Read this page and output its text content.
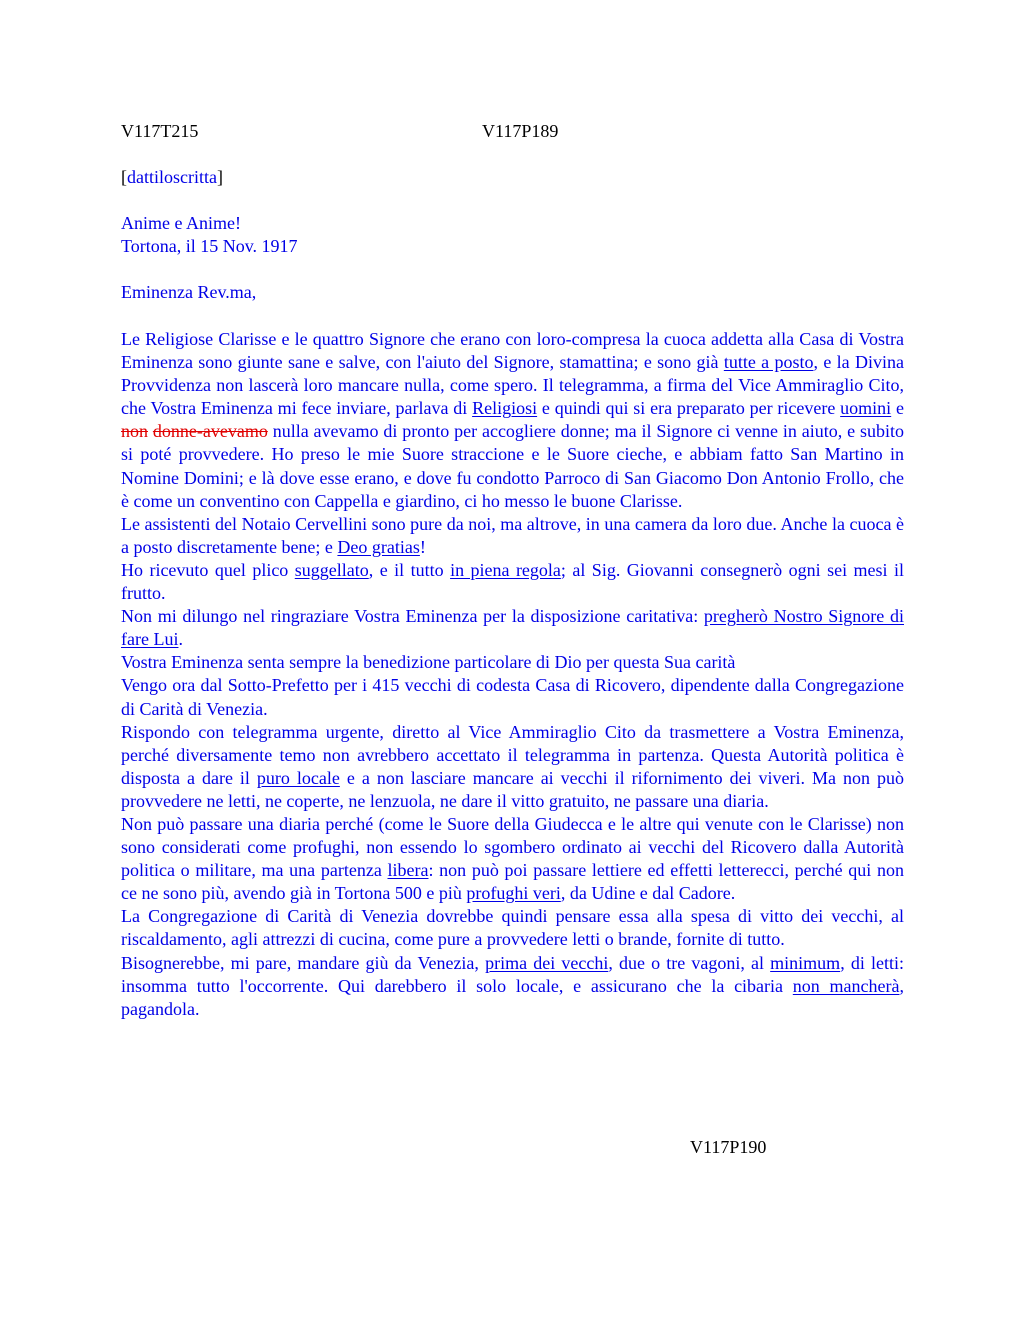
V117T215	V117P189
[dattiloscritta]
Anime e Anime!
Tortona, il 15 Nov. 1917
Eminenza Rev.ma,

Le Religiose Clarisse e le quattro Signore che erano con loro-compresa la cuoca addetta alla Casa di Vostra Eminenza sono giunte sane e salve, con l'aiuto del Signore, stamattina; e sono già tutte a posto, e la Divina Provvidenza non lascerà loro mancare nulla, come spero. Il telegramma, a firma del Vice Ammiraglio Cito, che Vostra Eminenza mi fece inviare, parlava di Religiosi e quindi qui si era preparato per ricevere uomini e non donne-avevamo nulla avevamo di pronto per accogliere donne; ma il Signore ci venne in aiuto, e subito si poté provvedere. Ho preso le mie Suore straccione e le Suore cieche, e abbiam fatto San Martino in Nomine Domini; e là dove esse erano, e dove fu condotto Parroco di San Giacomo Don Antonio Frollo, che è come un conventino con Cappella e giardino, ci ho messo le buone Clarisse.

Le assistenti del Notaio Cervellini sono pure da noi, ma altrove, in una camera da loro due. Anche la cuoca è a posto discretamente bene; e Deo gratias!

Ho ricevuto quel plico suggellato, e il tutto in piena regola; al Sig. Giovanni consegnerò ogni sei mesi il frutto.

Non mi dilungo nel ringraziare Vostra Eminenza per la disposizione caritativa: pregherò Nostro Signore di fare Lui.

Vostra Eminenza senta sempre la benedizione particolare di Dio per questa Sua carità

Vengo ora dal Sotto-Prefetto per i 415 vecchi di codesta Casa di Ricovero, dipendente dalla Congregazione di Carità di Venezia.

Rispondo con telegramma urgente, diretto al Vice Ammiraglio Cito da trasmettere a Vostra Eminenza, perché diversamente temo non avrebbero accettato il telegramma in partenza. Questa Autorità politica è disposta a dare il puro locale e a non lasciare mancare ai vecchi il rifornimento dei viveri. Ma non può provvedere ne letti, ne coperte, ne lenzuola, ne dare il vitto gratuito, ne passare una diaria.

Non può passare una diaria perché (come le Suore della Giudecca e le altre qui venute con le Clarisse) non sono considerati come profughi, non essendo lo sgombero ordinato ai vecchi del Ricovero dalla Autorità politica o militare, ma una partenza libera: non può poi passare lettiere ed effetti letterecci, perché qui non ce ne sono più, avendo già in Tortona 500 e più profughi veri, da Udine e dal Cadore.

La Congregazione di Carità di Venezia dovrebbe quindi pensare essa alla spesa di vitto dei vecchi, al riscaldamento, agli attrezzi di cucina, come pure a provvedere letti o brande, fornite di tutto.

Bisognerebbe, mi pare, mandare giù da Venezia, prima dei vecchi, due o tre vagoni, al minimum, di letti: insomma tutto l'occorrente. Qui darebbero il solo locale, e assicurano che la cibaria non mancherà, pagandola.

V117P190
